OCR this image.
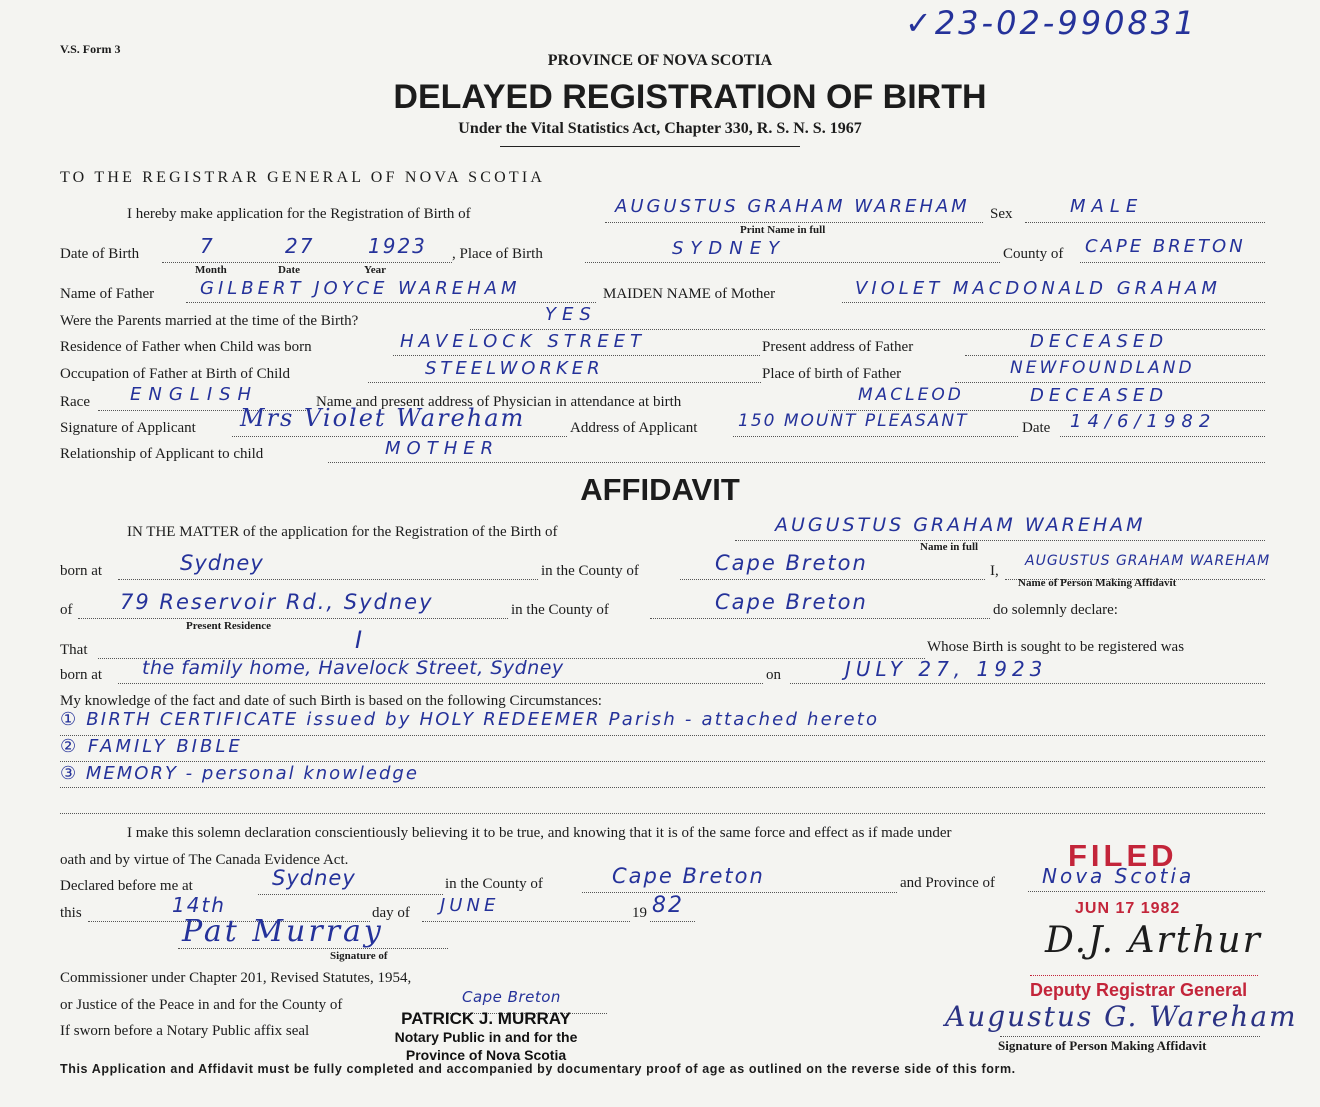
V.S. Form 3
✓23-02-990831
PROVINCE OF NOVA SCOTIA
DELAYED REGISTRATION OF BIRTH
Under the Vital Statistics Act, Chapter 330, R. S. N. S. 1967
TO THE REGISTRAR GENERAL OF NOVA SCOTIA
I hereby make application for the Registration of Birth of	AUGUSTUS GRAHAM WAREHAM
Print Name in full
Sex	MALE
Date of Birth	7	27	1923
Month	Date	Year
, Place of Birth	SYDNEY	County of CAPE BRETON
Name of Father	GILBERT JOYCE WAREHAM	MAIDEN NAME of Mother	VIOLET MACDONALD GRAHAM
Were the Parents married at the time of the Birth?	YES
Residence of Father when Child was born	HAVELOCK STREET	Present address of Father	DECEASED
Occupation of Father at Birth of Child	STEELWORKER	Place of birth of Father	NEWFOUNDLAND
Race ENGLISH	Name and present address of Physician in attendance at birth	MACLEOD	DECEASED
Signature of Applicant Mrs Violet Wareham	Address of Applicant 150 MOUNT PLEASANT	Date 14/6/1982
Relationship of Applicant to child	MOTHER
AFFIDAVIT
IN THE MATTER of the application for the Registration of the Birth of	AUGUSTUS GRAHAM WAREHAM
Name in full
born at	Sydney	in the County of	Cape Breton	I,
AUGUSTUS GRAHAM WAREHAM
Name of Person Making Affidavit
of 79 Reservoir Rd., Sydney
Present Residence
in the County of	Cape Breton	do solemnly declare:
That	I	Whose Birth is sought to be registered was
born at the family home, Havelock Street, Sydney	on	JULY 27, 1923
My knowledge of the fact and date of such Birth is based on the following Circumstances:
① BIRTH CERTIFICATE issued by HOLY REDEEMER Parish - attached hereto
② FAMILY BIBLE
③ MEMORY - personal knowledge
I make this solemn declaration conscientiously believing it to be true, and knowing that it is of the same force and effect as if made under
oath and by virtue of The Canada Evidence Act.
Declared before me at	Sydney	in the County of	Cape Breton	and Province of Nova Scotia
this	14th	day of JUNE	19 82
Pat Murray
Signature of
Commissioner under Chapter 201, Revised Statutes, 1954,
or Justice of the Peace in and for the County of	Cape Breton
If sworn before a Notary Public affix seal
PATRICK J. MURRAY
Notary Public in and for the
Province of Nova Scotia
FILED
JUN 17 1982
D.J. Arthur
Deputy Registrar General
Augustus G. Wareham
Signature of Person Making Affidavit
This Application and Affidavit must be fully completed and accompanied by documentary proof of age as outlined on the reverse side of this form.
